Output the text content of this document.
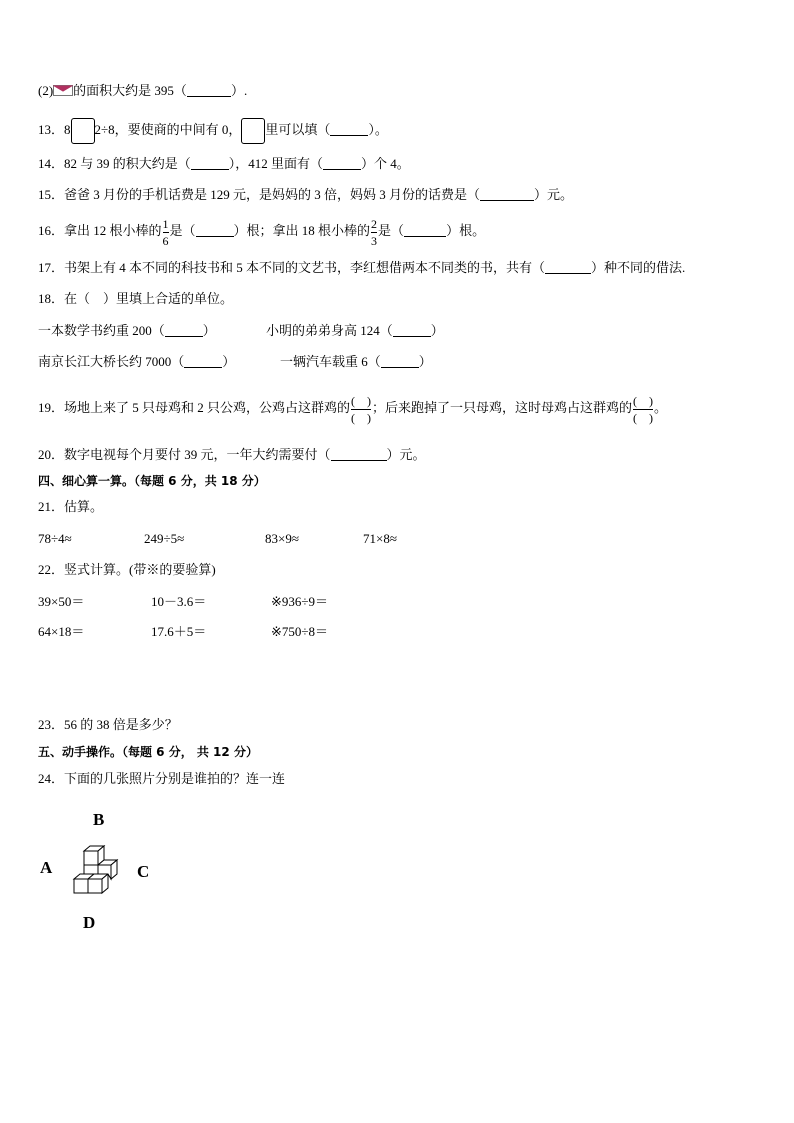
(2) 的面积大约是 395（	）.
13．8 2÷8，要使商的中间有 0， 里可以填（	）。
14．82 与 39 的积大约是（	），412 里面有（	）个 4。
15．爸爸 3 月份的手机话费是 129 元，是妈妈的 3 倍，妈妈 3 月份的话费是（	）元。
16．拿出 12 根小棒的 $\frac{1}{6}$ 是（	）根；拿出 18 根小棒的 $\frac{2}{3}$ 是（	）根。
17．书架上有 4 本不同的科技书和 5 本不同的文艺书，李红想借两本不同类的书，共有（	）种不同的借法.
18．在（　）里填上合适的单位。
一本数学书约重 200（	）	小明的弟弟身高 124（	）
南京长江大桥长约 7000（	）	一辆汽车载重 6（	）
19．场地上来了 5 只母鸡和 2 只公鸡，公鸡占这群鸡的 $\frac{( )}{( )}$ ；后来跑掉了一只母鸡，这时母鸡占这群鸡的 $\frac{( )}{( )}$ 。
20．数字电视每个月要付 39 元，一年大约需要付（	）元。
四、细心算一算。（每题 6 分，共 18 分）
21．估算。
78÷4≈	249÷5≈	83×9≈	71×8≈
22．竖式计算。(带※的要验算)
39×50＝	10－3.6＝	※936÷9＝
64×18＝	17.6＋5＝	※750÷8＝
23．56 的 38 倍是多少？
五、动手操作。（每题 6 分， 共 12 分）
24．下面的几张照片分别是谁拍的？连一连
B
A	C
D
